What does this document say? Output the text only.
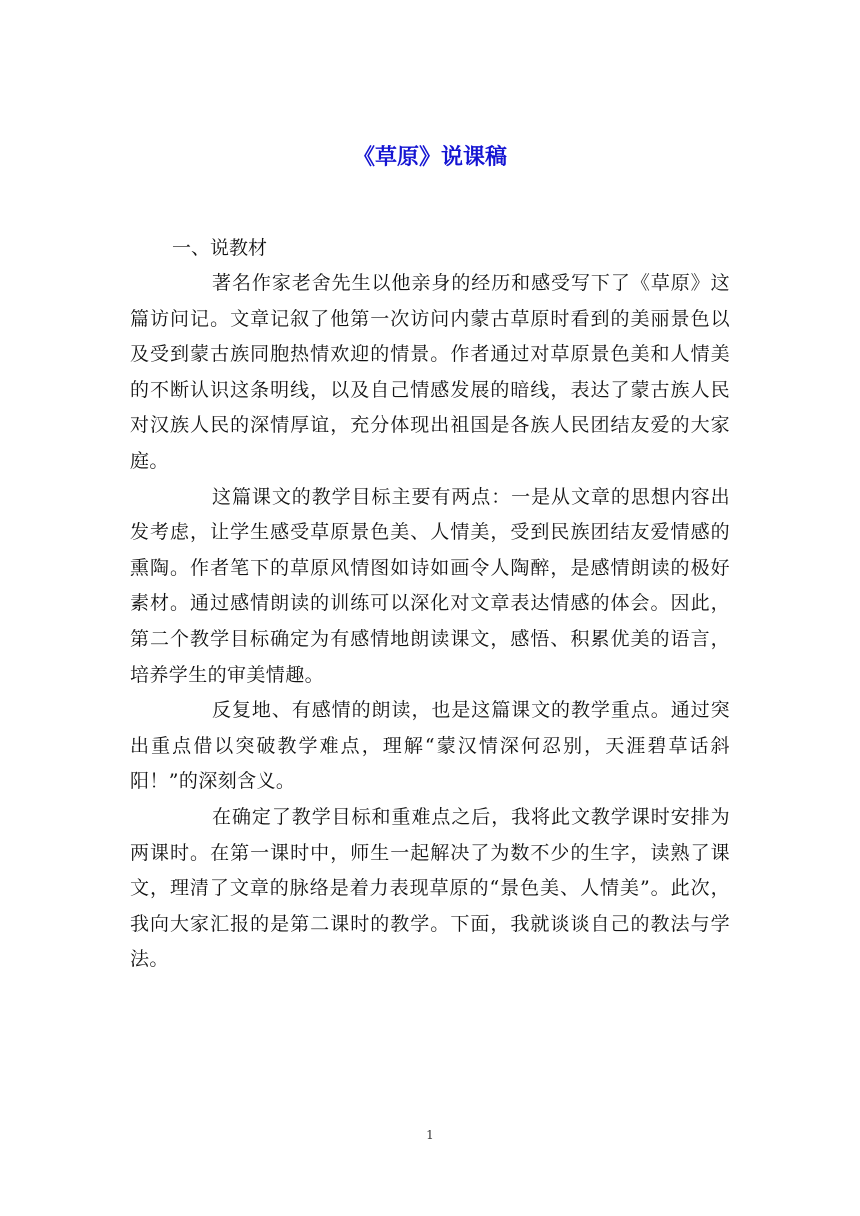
《草原》说课稿

一、说教材

著名作家老舍先生以他亲身的经历和感受写下了《草原》这篇访问记。文章记叙了他第一次访问内蒙古草原时看到的美丽景色以及受到蒙古族同胞热情欢迎的情景。作者通过对草原景色美和人情美的不断认识这条明线，以及自己情感发展的暗线，表达了蒙古族人民对汉族人民的深情厚谊，充分体现出祖国是各族人民团结友爱的大家庭。

这篇课文的教学目标主要有两点：一是从文章的思想内容出发考虑，让学生感受草原景色美、人情美，受到民族团结友爱情感的熏陶。作者笔下的草原风情图如诗如画令人陶醉，是感情朗读的极好素材。通过感情朗读的训练可以深化对文章表达情感的体会。因此，第二个教学目标确定为有感情地朗读课文，感悟、积累优美的语言，培养学生的审美情趣。

反复地、有感情的朗读，也是这篇课文的教学重点。通过突出重点借以突破教学难点，理解“蒙汉情深何忍别，天涯碧草话斜阳！”的深刻含义。

在确定了教学目标和重难点之后，我将此文教学课时安排为两课时。在第一课时中，师生一起解决了为数不少的生字，读熟了课文，理清了文章的脉络是着力表现草原的“景色美、人情美”。此次，我向大家汇报的是第二课时的教学。下面，我就谈谈自己的教法与学法。

1
